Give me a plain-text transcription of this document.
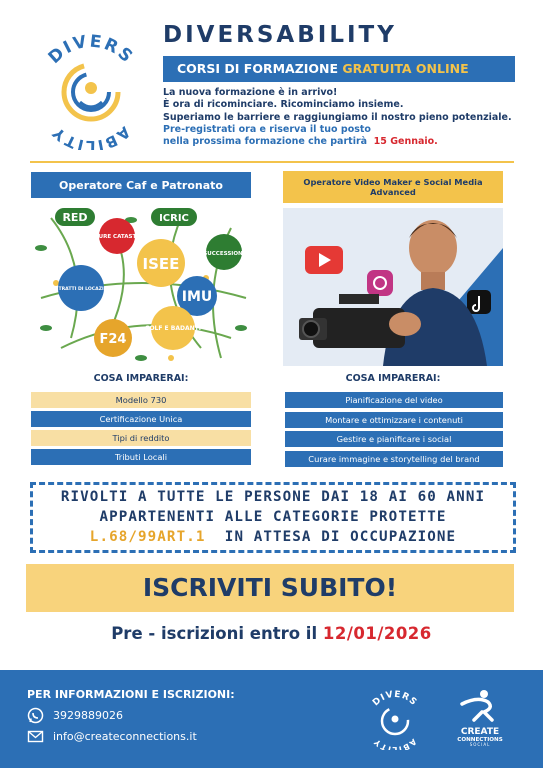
DIVERS
ABILITY
DIVERSABILITY
CORSI DI FORMAZIONE GRATUITA ONLINE
La nuova formazione è in arrivo!
È ora di ricominciare. Ricominciamo insieme.
Superiamo le barriere e raggiungiamo il nostro pieno potenziale.
Pre-registrati ora e riserva il tuo posto
nella prossima formazione che partirà 15 Gennaio.
Operatore Caf e Patronato
RED	ICRIC
VISURE CATASTALI
ISEE
SUCCESSIONI
CONTRATTI DI LOCAZIONE	IMU
COLF E BADANTI
F24
COSA IMPARERAI:
Modello 730
Certificazione Unica
Tipi di reddito
Tributi Locali
Operatore Video Maker e Social Media Advanced
COSA IMPARERAI:
Pianificazione del video
Montare e ottimizzare i contenuti
Gestire e pianificare i social
Curare immagine e storytelling del brand
RIVOLTI A TUTTE LE PERSONE DAI 18 AI 60 ANNI
APPARTENENTI ALLE CATEGORIE PROTETTE
L.68/99ART.1 IN ATTESA DI OCCUPAZIONE
ISCRIVITI SUBITO!
Pre - iscrizioni entro il 12/01/2026
PER INFORMAZIONI E ISCRIZIONI:
3929889026
info@createconnections.it
DIVERS
ABILITY
CREATE
CONNECTIONS
SOCIAL
